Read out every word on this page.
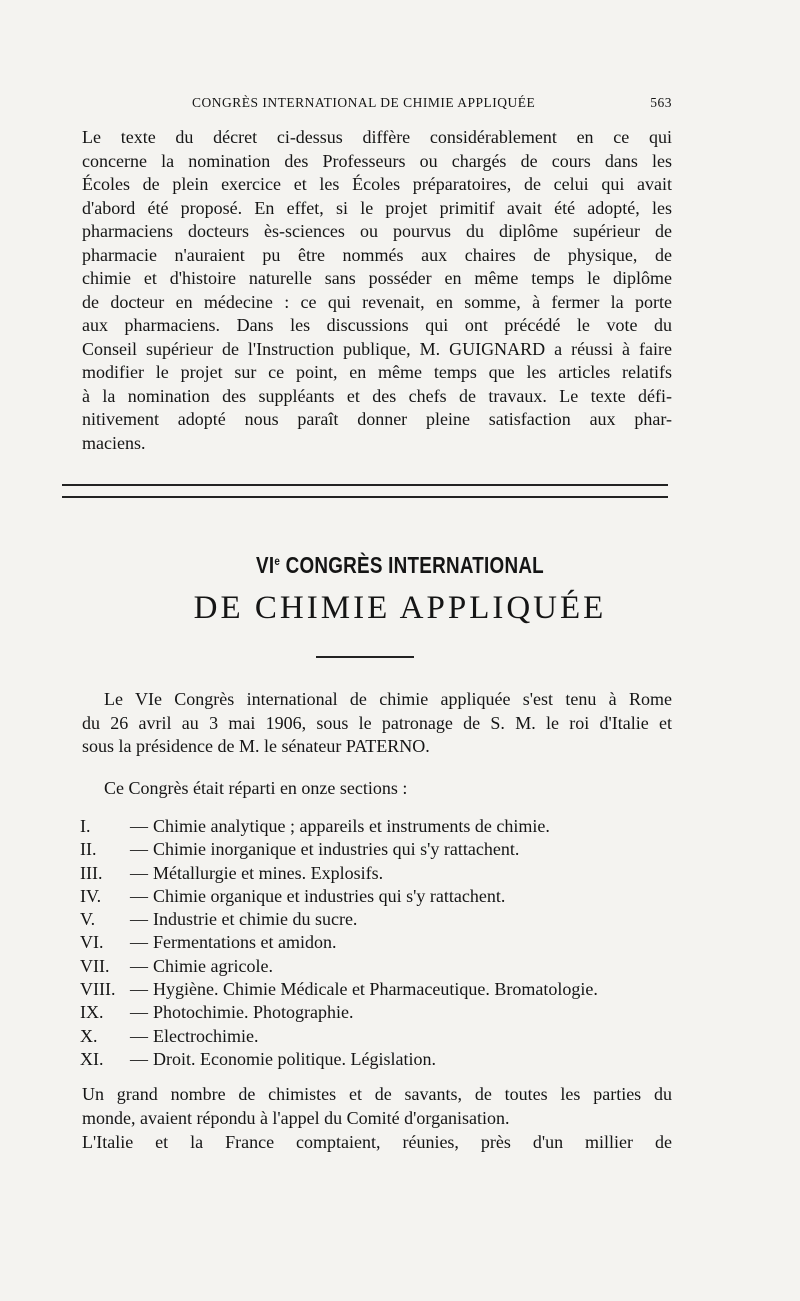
CONGRÈS INTERNATIONAL DE CHIMIE APPLIQUÉE	563
Le texte du décret ci-dessus diffère considérablement en ce qui
concerne la nomination des Professeurs ou chargés de cours dans les
Écoles de plein exercice et les Écoles préparatoires, de celui qui avait
d'abord été proposé. En effet, si le projet primitif avait été adopté, les
pharmaciens docteurs ès-sciences ou pourvus du diplôme supérieur de
pharmacie n'auraient pu être nommés aux chaires de physique, de
chimie et d'histoire naturelle sans posséder en même temps le diplôme
de docteur en médecine : ce qui revenait, en somme, à fermer la porte
aux pharmaciens. Dans les discussions qui ont précédé le vote du
Conseil supérieur de l'Instruction publique, M. GUIGNARD a réussi à faire
modifier le projet sur ce point, en même temps que les articles relatifs
à la nomination des suppléants et des chefs de travaux. Le texte défi-
nitivement adopté nous paraît donner pleine satisfaction aux phar-
maciens.
VIe CONGRÈS INTERNATIONAL
DE CHIMIE APPLIQUÉE
Le VIe Congrès international de chimie appliquée s'est tenu à Rome
du 26 avril au 3 mai 1906, sous le patronage de S. M. le roi d'Italie et
sous la présidence de M. le sénateur PATERNO.
Ce Congrès était réparti en onze sections :
I.	— Chimie analytique ; appareils et instruments de chimie.
II.	— Chimie inorganique et industries qui s'y rattachent.
III.	— Métallurgie et mines. Explosifs.
IV.	— Chimie organique et industries qui s'y rattachent.
V.	— Industrie et chimie du sucre.
VI.	— Fermentations et amidon.
VII.	— Chimie agricole.
VIII. — Hygiène. Chimie Médicale et Pharmaceutique. Bromatologie.
IX.	— Photochimie. Photographie.
X.	— Electrochimie.
XI.	— Droit. Economie politique. Législation.
Un grand nombre de chimistes et de savants, de toutes les parties du
monde, avaient répondu à l'appel du Comité d'organisation.
L'Italie et la France comptaient, réunies, près d'un millier de
